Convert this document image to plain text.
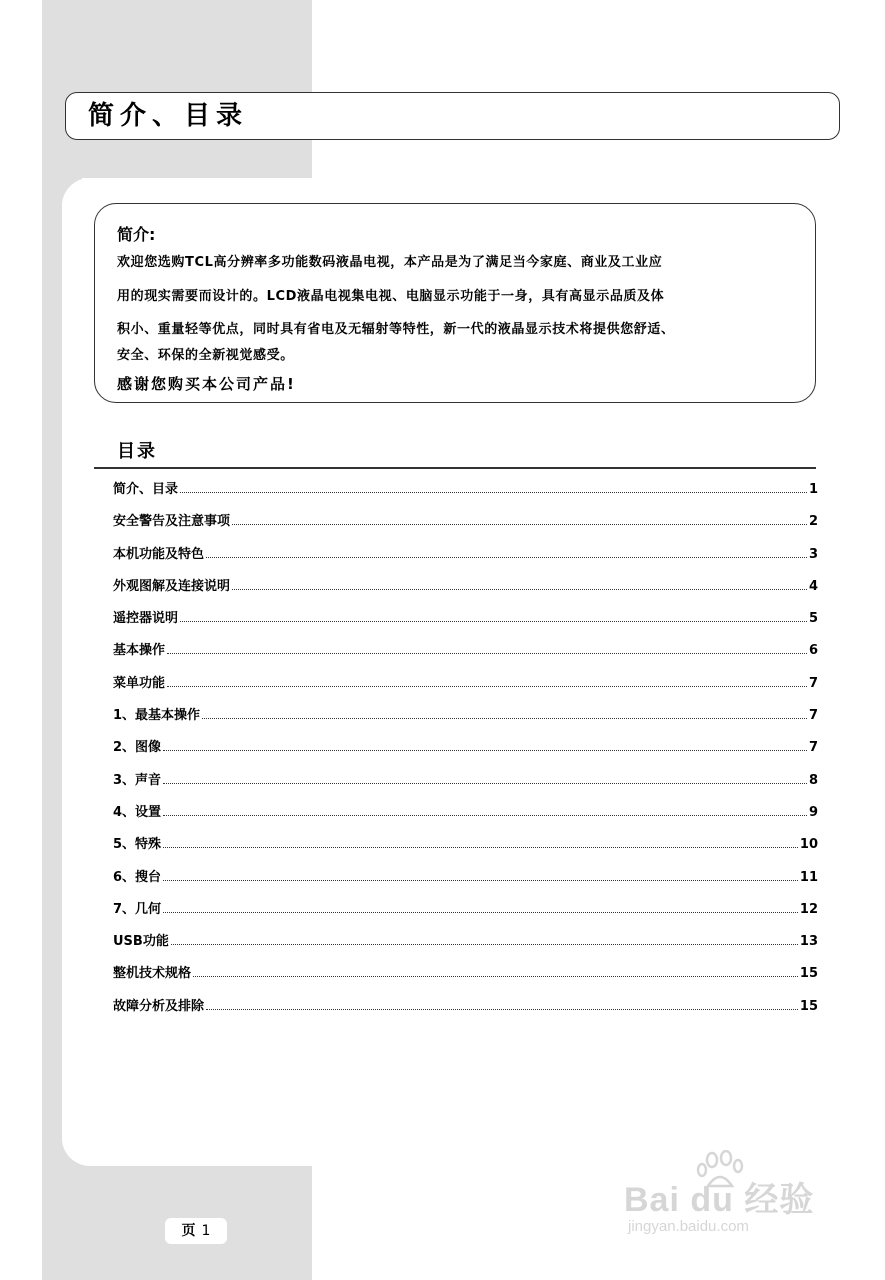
简介、目录
简介:
欢迎您选购TCL高分辨率多功能数码液晶电视，本产品是为了满足当今家庭、商业及工业应
用的现实需要而设计的。LCD液晶电视集电视、电脑显示功能于一身，具有高显示品质及体
积小、重量轻等优点，同时具有省电及无辐射等特性，新一代的液晶显示技术将提供您舒适、
安全、环保的全新视觉感受。
感谢您购买本公司产品!
目录
简介、目录	1
安全警告及注意事项	2
本机功能及特色	3
外观图解及连接说明	4
遥控器说明	5
基本操作	6
菜单功能	7
1、最基本操作	7
2、图像	7
3、声音	8
4、设置	9
5、特殊	10
6、搜台	11
7、几何	12
USB功能	13
整机技术规格	15
故障分析及排除	15
页 1
Bai du 经验
jingyan.baidu.com
